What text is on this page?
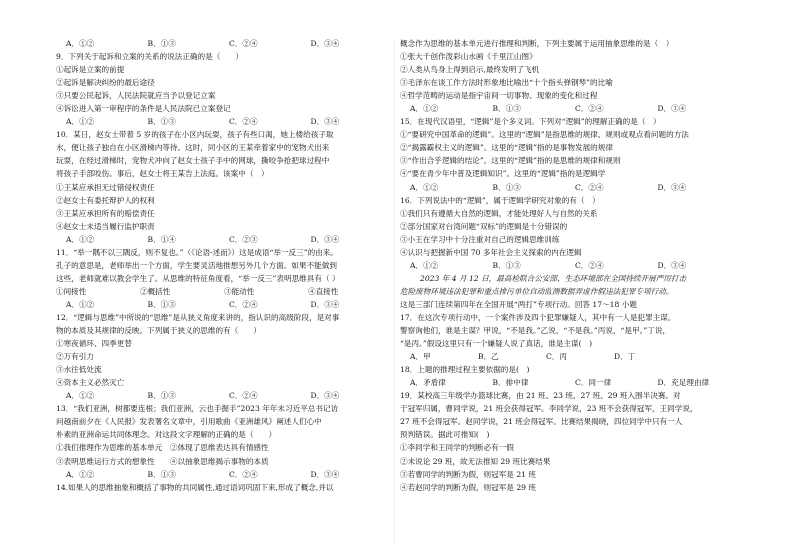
A．①②	B．①③	C．②④	D．③④
9．下列关于起诉和立案的关系的说法正确的是（　　）
①起诉是立案的前提
②起诉是解决纠纷的最后途径
③只要公民起诉，人民法院就应当予以登记立案
④诉讼进入第一审程序的条件是人民法院已立案登记
A．①②	B．①③	C．②④	D．③④
10．某日，赵女士带着 5 岁的孩子在小区内玩耍，孩子有些口渴，她上楼给孩子取
水，便让孩子独自在小区滑梯内等待。这时，同小区的王某牵着家中的宠物犬出来
玩耍，在经过滑梯时，宠物犬冲向了赵女士孩子手中的网球，撕咬争抢把球过程中
将孩子手部咬伤。事后，赵女士将王某告上法庭。该案中（　）
①王某应承担无过错侵权责任
②赵女士有委托辩护人的权利
③王某应承担所有的赔偿责任
④赵女士未适当履行监护职责
A．①②	B．①④	C．②③	D．③④
11．“举一隅不以三隅反，则不复也。”（《论语·述而》）这是成语“举一反三”的由来。
孔子的意思是，老师举出一个方面，学生要灵活地推想另外几个方面。如果不能做到
这些，老师就难以教会学生了。从思维的特征角度看，“举一反三”表明思维具有（ ）
①间接性	②概括性	③能动性	④直接性
A．①②	B．①③	C．②④	D．③④
12．“逻辑与思维”中所说的“思维”是从狭义角度来讲的，指认识的高级阶段，是对事
物的本质及其规律的反映。下列属于狭义的思维的有（　　）
①寒夜循环、四季更替
②万有引力
③水往低处流
④资本主义必然灭亡
A．①②	B．①③	C．②④	D．③④
13．“我们亚洲，树都要连根；我们亚洲，云也手握手”2023 年年末习近平总书记访
问越南前夕在《人民报》发表署名文章中，引用歌曲《亚洲雄风》阐述人们心中
朴素的亚洲命运共同体理念。对这段文字理解的正确的是（　　）
①我们推理作为思维的基本单元　②体现了思维表达具有情感性
③表明思维运行方式的想象性　　④以抽象思维揭示事物的本质
A．①②	B．①③	C．②④	D．③④
14.如果人的思维抽象和概括了事物的共同属性,通过语词巩固下来,形成了概念,并以
概念作为思维的基本单元进行推理和判断，下列主要属于运用抽象思维的是（　）
①张大千创作泼彩山水画《千里江山图》
②人类从鸟身上得到启示,最终发明了飞机
③毛泽东在谈工作方法时形象地比喻出“十个指头弹钢琴”的比喻
④哲学范畴的运动是指宇宙间一切事物、现象的变化和过程
A．①②	B．①③	C．②④	D．③④
15．在现代汉语里，“逻辑”是个多义词。下列对“逻辑”的理解正确的是（　）
①“要研究中国革命的逻辑”。这里的“逻辑”是指思维的规律、规则或观点看问题的方法
②“揭露霸权主义的逻辑”。这里的“逻辑”指的是事物发展的规律
③“作出合乎逻辑的结论”。这里的“逻辑”指的是思维的规律和规则
④“要在青少年中普及逻辑知识”。这里的“逻辑”指的是逻辑学
A．①②	B．①③	C．②④	D．③④
16．下列说法中的“逻辑”，属于逻辑学研究对象的有（　）
①我们只有遵循大自然的逻辑，才能处理好人与自然的关系
②部分国家对台湾问题“双标”的逻辑是十分错误的
③小王在学习中十分注重对自己的逻辑思维训练
④认识与把握新中国 70 多年社会主义探索的内在逻辑
A．①②	B．①③	C．②④	D．③④
2023 年 4 月 12 日，最高检联合公安部、生态环境部在全国持续开展严厉打击
危险废物环境违法犯罪和重点排污单位自动监测数据弄虚作假违法犯罪专项行动。
这是三部门连续第四年在全国开展“两打”专项行动。回答 17～18 小题
17．在这次专项行动中，一个案件涉及四个犯罪嫌疑人，其中有一人是犯罪主谋。
警察询他们，谁是主谋？甲说，“不是我。”乙说，“不是我。”丙说，“是甲。”丁说，
“是丙。”假设这里只有一个嫌疑人说了真话，谁是主谋(　)
A．甲	B．乙	C．丙	D．丁
18．上题的推理过程主要依据的是(　)
A．矛盾律	B．排中律	C．同一律	D．充足理由律
19．某校高三年级学办篮球比赛，由 21 班、23 班、27 班、29 班入围半决赛。对
于冠军归属，曹同学说，21 班会获得冠军。李同学说，23 班不会获得冠军，王同学说，
27 班不会得冠军。赵同学说，21 班会得冠军。比赛结果揭晓，四位同学中只有一人
预判错误。据此可推知(　)
①李同学和王同学的判断必有一假
②未说论 29 班，故无法推知 29 班比赛结果
③若曹同学的判断为假，则冠军是 21 班
④若赵同学的判断为假，则冠军是 29 班
